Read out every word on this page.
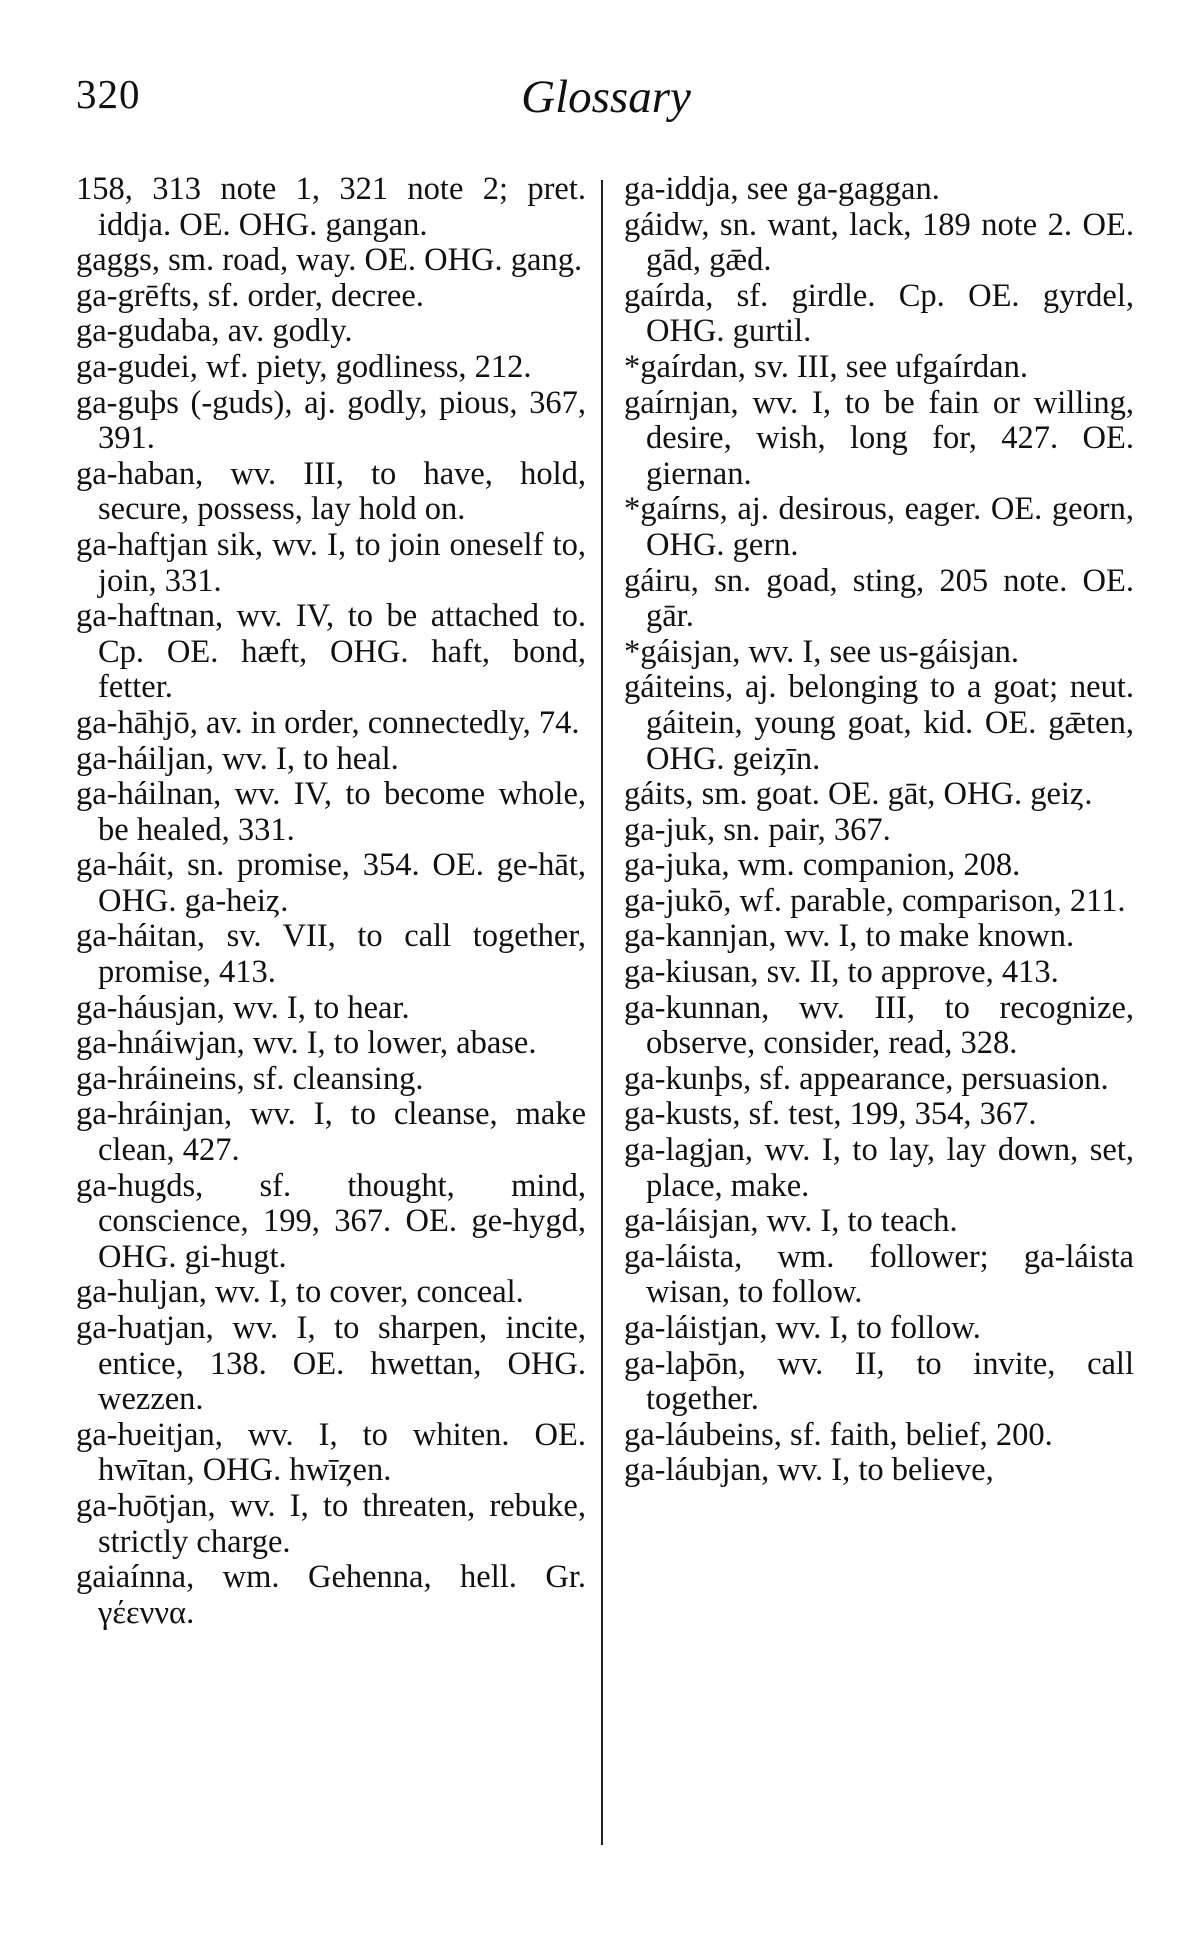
320	Glossary
158, 313 note 1, 321 note 2; pret. iddja. OE. OHG. gangan.
gaggs, sm. road, way. OE. OHG. gang.
ga-grēfts, sf. order, decree.
ga-gudaba, av. godly.
ga-gudei, wf. piety, godliness, 212.
ga-guþs (-guds), aj. godly, pious, 367, 391.
ga-haban, wv. III, to have, hold, secure, possess, lay hold on.
ga-haftjan sik, wv. I, to join oneself to, join, 331.
ga-haftnan, wv. IV, to be attached to. Cp. OE. hæft, OHG. haft, bond, fetter.
ga-hāhjō, av. in order, connectedly, 74.
ga-háiljan, wv. I, to heal.
ga-háilnan, wv. IV, to become whole, be healed, 331.
ga-háit, sn. promise, 354. OE. ge-hāt, OHG. ga-heiȥ.
ga-háitan, sv. VII, to call together, promise, 413.
ga-háusjan, wv. I, to hear.
ga-hnáiwjan, wv. I, to lower, abase.
ga-hráineins, sf. cleansing.
ga-hráinjan, wv. I, to cleanse, make clean, 427.
ga-hugds, sf. thought, mind, conscience, 199, 367. OE. ge-hygd, OHG. gi-hugt.
ga-huljan, wv. I, to cover, conceal.
ga-ƕatjan, wv. I, to sharpen, incite, entice, 138. OE. hwettan, OHG. wezzen.
ga-ƕeitjan, wv. I, to whiten. OE. hwītan, OHG. hwīȥen.
ga-ƕōtjan, wv. I, to threaten, rebuke, strictly charge.
gaiaínna, wm. Gehenna, hell. Gr. γέεννα.
ga-iddja, see ga-gaggan.
gáidw, sn. want, lack, 189 note 2. OE. gād, gǣd.
gaírda, sf. girdle. Cp. OE. gyrdel, OHG. gurtil.
*gaírdan, sv. III, see ufgaírdan.
gaírnjan, wv. I, to be fain or willing, desire, wish, long for, 427. OE. giernan.
*gaírns, aj. desirous, eager. OE. georn, OHG. gern.
gáiru, sn. goad, sting, 205 note. OE. gār.
*gáisjan, wv. I, see us-gáisjan.
gáiteins, aj. belonging to a goat; neut. gáitein, young goat, kid. OE. gǣten, OHG. geiȥīn.
gáits, sm. goat. OE. gāt, OHG. geiȥ.
ga-juk, sn. pair, 367.
ga-juka, wm. companion, 208.
ga-jukō, wf. parable, comparison, 211.
ga-kannjan, wv. I, to make known.
ga-kiusan, sv. II, to approve, 413.
ga-kunnan, wv. III, to recognize, observe, consider, read, 328.
ga-kunþs, sf. appearance, persuasion.
ga-kusts, sf. test, 199, 354, 367.
ga-lagjan, wv. I, to lay, lay down, set, place, make.
ga-láisjan, wv. I, to teach.
ga-láista, wm. follower; ga-láista wisan, to follow.
ga-láistjan, wv. I, to follow.
ga-laþōn, wv. II, to invite, call together.
ga-láubeins, sf. faith, belief, 200.
ga-láubjan, wv. I, to believe,
